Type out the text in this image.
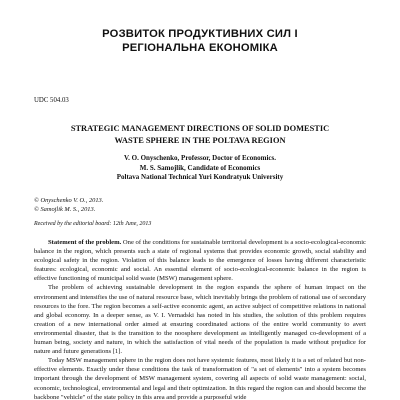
РОЗВИТОК ПРОДУКТИВНИХ СИЛ І
РЕГІОНАЛЬНА ЕКОНОМІКА
UDC 504.03
STRATEGIC MANAGEMENT DIRECTIONS OF SOLID DOMESTIC
WASTE SPHERE IN THE POLTAVA REGION
V. O. Onyschenko, Professor, Doctor of Economics.
M. S. Samojlik, Candidate of Economics
Poltava National Technical Yuri Kondratyuk University
© Onyschenko V. O., 2013.
© Samojlik M. S., 2013.
Received by the editorial board: 12th June, 2013

Statement of the problem. One of the conditions for sustainable territorial development is a socio-ecological-economic balance in the region, which presents such a state of regional systems that provides economic growth, social stability and ecological safety in the region. Violation of this balance leads to the emergence of losses having different characteristic features: ecological, economic and social. An essential element of socio-ecological-economic balance in the region is effective functioning of municipal solid waste (MSW) management sphere.

The problem of achieving sustainable development in the region expands the sphere of human impact on the environment and intensifies the use of natural resource base, which inevitably brings the problem of rational use of secondary resources to the fore. The region becomes a self-active economic agent, an active subject of competitive relations in national and global economy. In a deeper sense, as V. I. Vernadski has noted in his studies, the solution of this problem requires creation of a new international order aimed at ensuring coordinated actions of the entire world community to avert environmental disaster, that is the transition to the noosphere development as intelligently managed co-development of a human being, society and nature, in which the satisfaction of vital needs of the population is made without prejudice for nature and future generations [1].

Today MSW management sphere in the region does not have systemic features, most likely it is a set of related but non-effective elements. Exactly under these conditions the task of transformation of "a set of elements" into a system becomes important through the development of MSW management system, covering all aspects of solid waste management: social, economic, technological, environmental and legal and their optimization. In this regard the region can and should become the backbone "vehicle" of the state policy in this area and provide a purposeful wide
